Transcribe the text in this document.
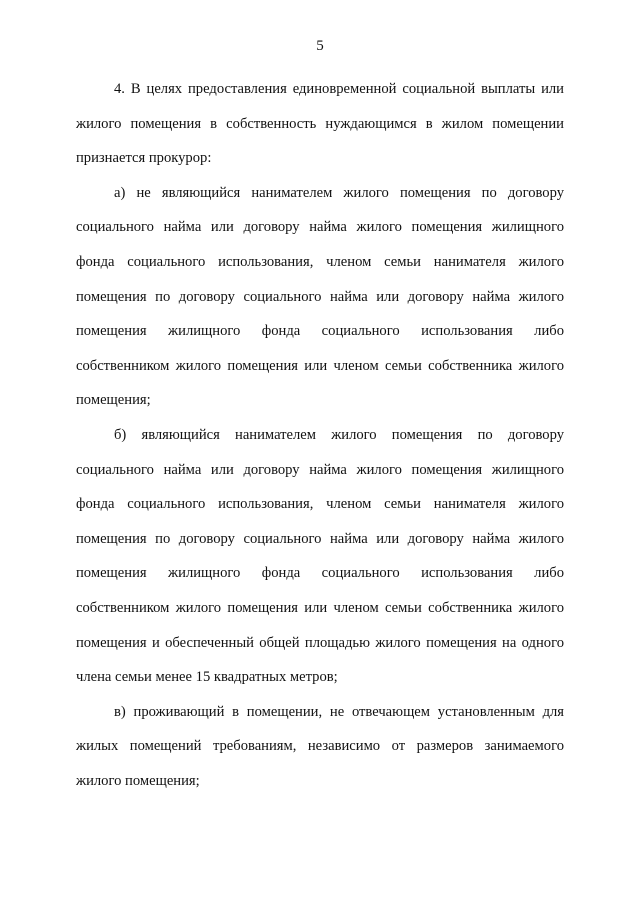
5

4. В целях предоставления единовременной социальной выплаты или жилого помещения в собственность нуждающимся в жилом помещении признается прокурор:

а) не являющийся нанимателем жилого помещения по договору социального найма или договору найма жилого помещения жилищного фонда социального использования, членом семьи нанимателя жилого помещения по договору социального найма или договору найма жилого помещения жилищного фонда социального использования либо собственником жилого помещения или членом семьи собственника жилого помещения;

б) являющийся нанимателем жилого помещения по договору социального найма или договору найма жилого помещения жилищного фонда социального использования, членом семьи нанимателя жилого помещения по договору социального найма или договору найма жилого помещения жилищного фонда социального использования либо собственником жилого помещения или членом семьи собственника жилого помещения и обеспеченный общей площадью жилого помещения на одного члена семьи менее 15 квадратных метров;

в) проживающий в помещении, не отвечающем установленным для жилых помещений требованиям, независимо от размеров занимаемого жилого помещения;
